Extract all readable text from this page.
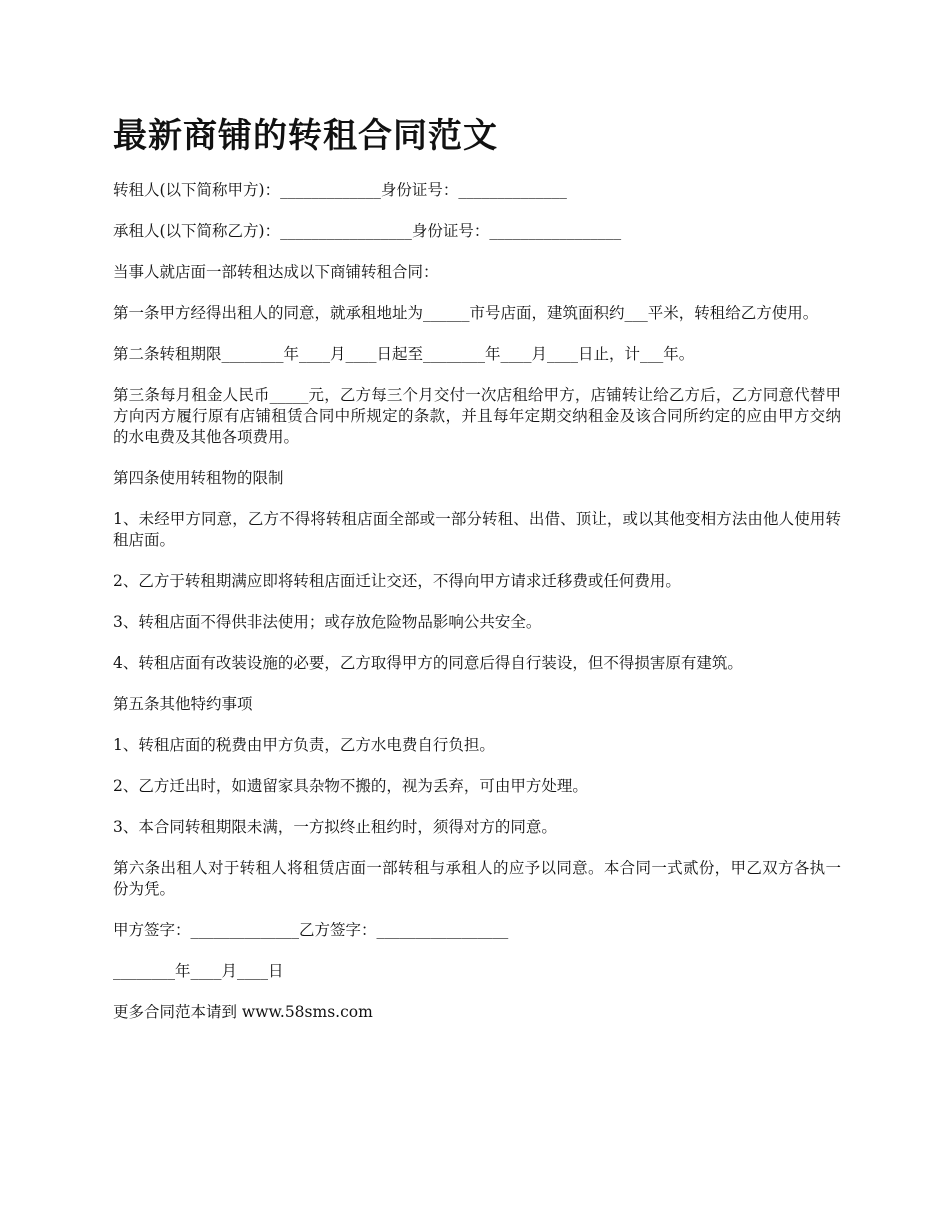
最新商铺的转租合同范文

转租人(以下简称甲方)：_____________身份证号：______________

承租人(以下简称乙方)：_________________身份证号：_________________

当事人就店面一部转租达成以下商铺转租合同：

第一条甲方经得出租人的同意，就承租地址为______市号店面，建筑面积约___平米，转租给乙方使用。

第二条转租期限________年____月____日起至________年____月____日止，计___年。

第三条每月租金人民币_____元，乙方每三个月交付一次店租给甲方，店铺转让给乙方后，乙方同意代替甲方向丙方履行原有店铺租赁合同中所规定的条款，并且每年定期交纳租金及该合同所约定的应由甲方交纳的水电费及其他各项费用。

第四条使用转租物的限制

1、未经甲方同意，乙方不得将转租店面全部或一部分转租、出借、顶让，或以其他变相方法由他人使用转租店面。

2、乙方于转租期满应即将转租店面迁让交还，不得向甲方请求迁移费或任何费用。

3、转租店面不得供非法使用；或存放危险物品影响公共安全。

4、转租店面有改装设施的必要，乙方取得甲方的同意后得自行装设，但不得损害原有建筑。

第五条其他特约事项

1、转租店面的税费由甲方负责，乙方水电费自行负担。

2、乙方迁出时，如遗留家具杂物不搬的，视为丢弃，可由甲方处理。

3、本合同转租期限未满，一方拟终止租约时，须得对方的同意。

第六条出租人对于转租人将租赁店面一部转租与承租人的应予以同意。本合同一式贰份，甲乙双方各执一份为凭。

甲方签字：______________乙方签字：_________________

________年____月____日

更多合同范本请到 www.58sms.com
